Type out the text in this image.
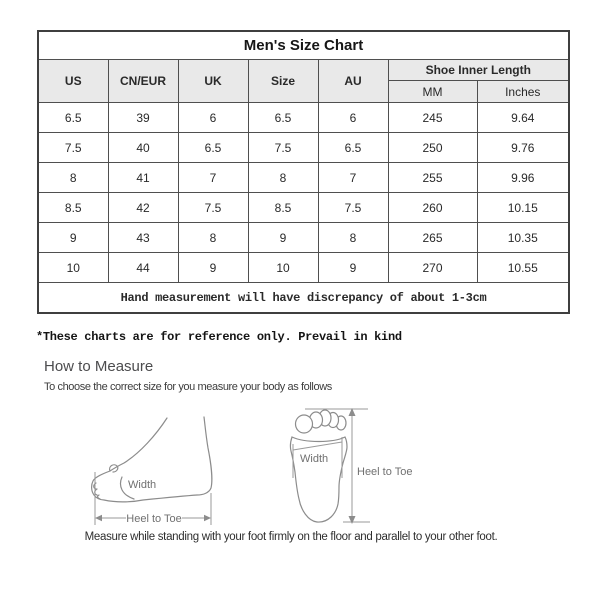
Men's Size Chart						
US	CN/EUR	UK	Size	AU	Shoe Inner Length	
					MM	Inches
6.5	39	6	6.5	6	245	9.64
7.5	40	6.5	7.5	6.5	250	9.76
8	41	7	8	7	255	9.96
8.5	42	7.5	8.5	7.5	260	10.15
9	43	8	9	8	265	10.35
10	44	9	10	9	270	10.55
Hand measurement will have discrepancy of about 1-3cm						
*These charts are for reference only. Prevail in kind
How to Measure
To choose the correct size for you measure your body as follows
Width
Heel to Toe
Width
Heel to Toe
Measure while standing with your foot firmly on the floor and parallel to your other foot.
